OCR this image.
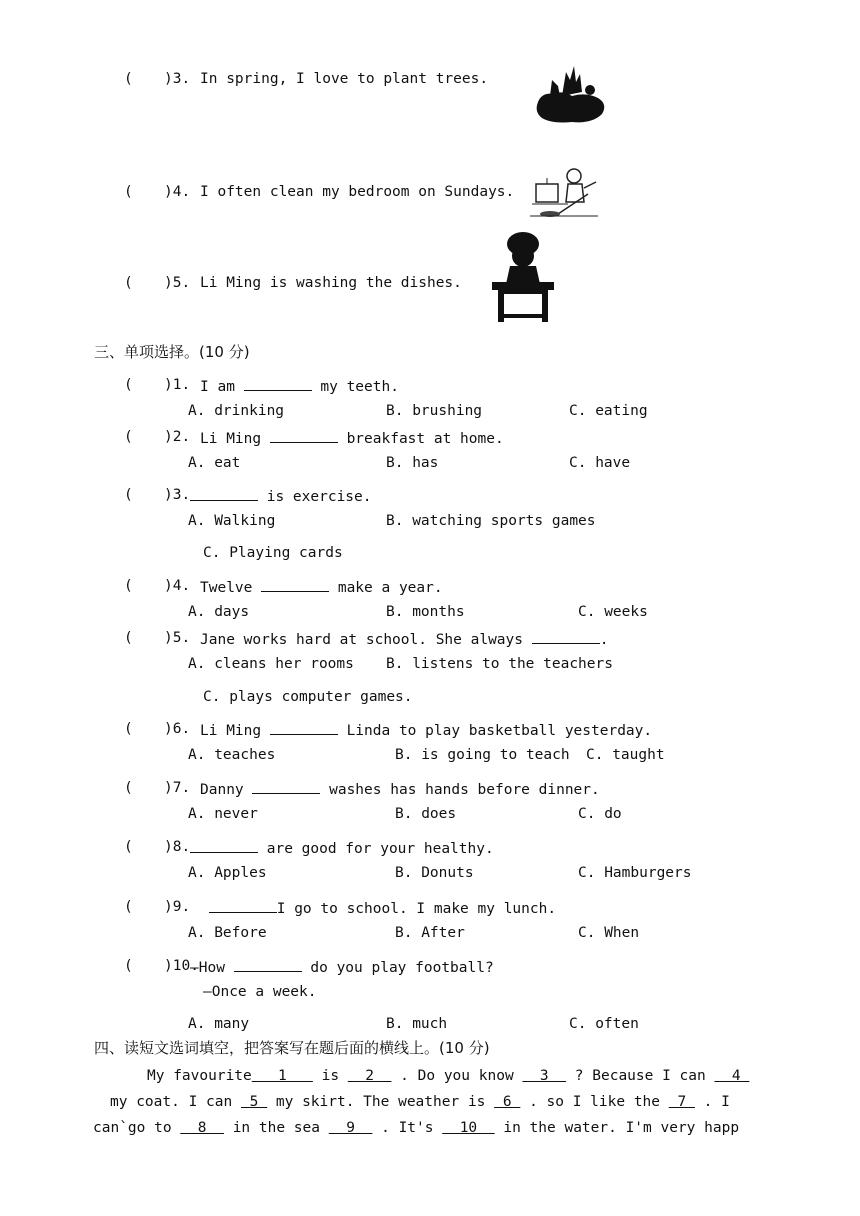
( )3. In spring, I love to plant trees.
( )4. I often clean my bedroom on Sundays.
( )5. Li Ming is washing the dishes.
三、单项选择。(10 分)
( )1. I am	my teeth.
A. drinking	B. brushing	C. eating
( )2. Li Ming	breakfast at home.
A. eat	B. has	C. have
( )3.	is exercise.
A. Walking	B. watching sports games
C. Playing cards
( )4. Twelve	make a year.
A. days	B. months	C. weeks
( )5. Jane works hard at school. She always	.
A. cleans her rooms B. listens to the teachers
C. plays computer games.
( )6. Li Ming	Linda to play basketball yesterday.
A. teaches	B. is going to teach C. taught
( )7. Danny	washes has hands before dinner.
A. never	B. does	C. do
( )8.	are good for your healthy.
A. Apples	B. Donuts	C. Hamburgers
( )9.	I go to school. I make my lunch.
A. Before	B. After	C. When
( )10.
—How	do you play football?
—Once a week.
A. many	B. much	C. often
四、读短文选词填空，把答案写在题后面的横线上。(10 分)
My favourite   1    is   2   . Do you know   3   ? Because I can   4
my coat. I can  5  my skirt. The weather is  6  . so I like the  7  . I
can`go to   8   in the sea   9   . It's   10   in the water. I'm very happ
